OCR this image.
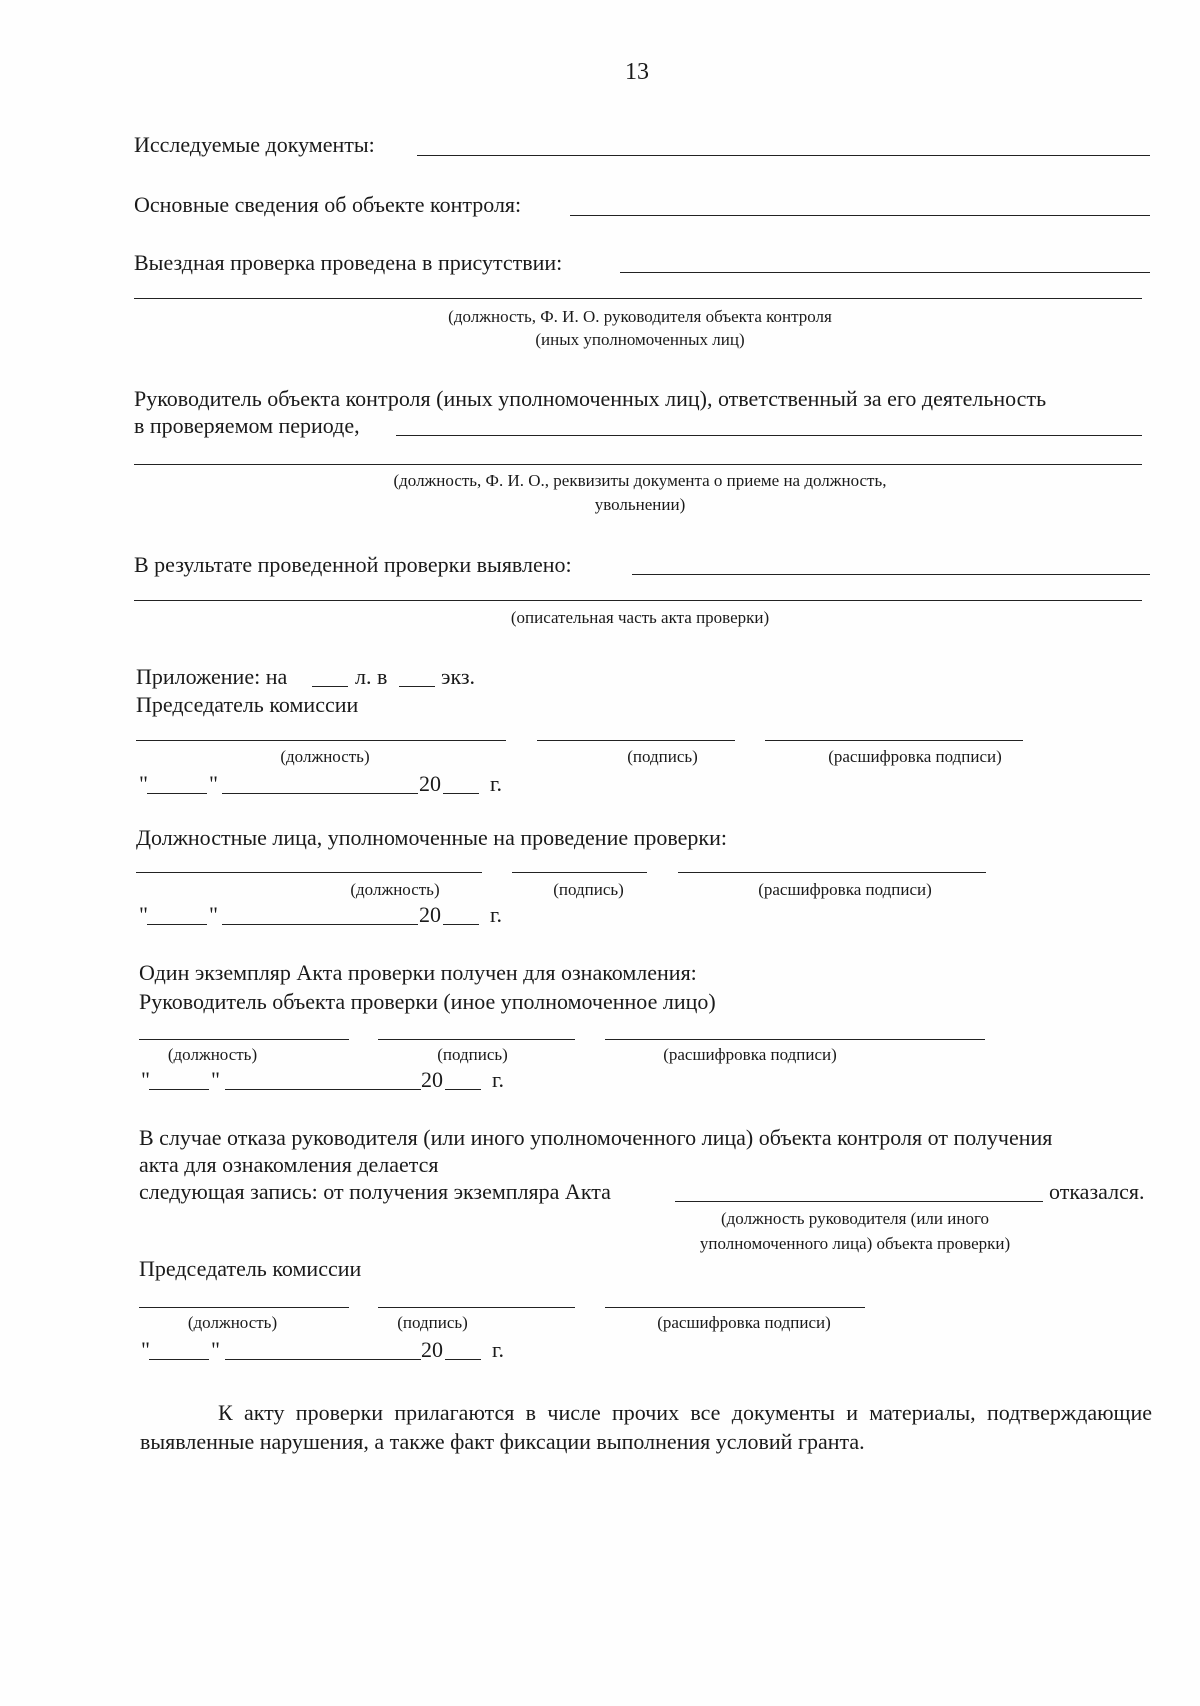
13
Исследуемые документы:
Основные сведения об объекте контроля:
Выездная проверка проведена в присутствии:
(должность, Ф. И. О. руководителя объекта контроля
(иных уполномоченных лиц)
Руководитель объекта контроля (иных уполномоченных лиц), ответственный за его деятельность
в проверяемом периоде,
(должность, Ф. И. О., реквизиты документа о приеме на должность,
увольнении)
В результате проведенной проверки выявлено:
(описательная часть акта проверки)
Приложение: на	л. в экз.
Председатель комиссии
(должность)	(подпись)	(расшифровка подписи)
"	"	20 г.
Должностные лица, уполномоченные на проведение проверки:
(должность)	(подпись)	(расшифровка подписи)
"	"	20 г.
Один экземпляр Акта проверки получен для ознакомления:
Руководитель объекта проверки (иное уполномоченное лицо)
(должность)	(подпись)	(расшифровка подписи)
"	"	20 г.
В случае отказа руководителя (или иного уполномоченного лица) объекта контроля от получения
акта для ознакомления делается
следующая запись: от получения экземпляра Акта	отказался.
(должность руководителя (или иного
уполномоченного лица) объекта проверки)
Председатель комиссии
(должность)	(подпись)	(расшифровка подписи)
"	"	20 г.
К акту проверки прилагаются в числе прочих все документы и материалы, подтверждающие выявленные нарушения, а также факт фиксации выполнения условий гранта.
